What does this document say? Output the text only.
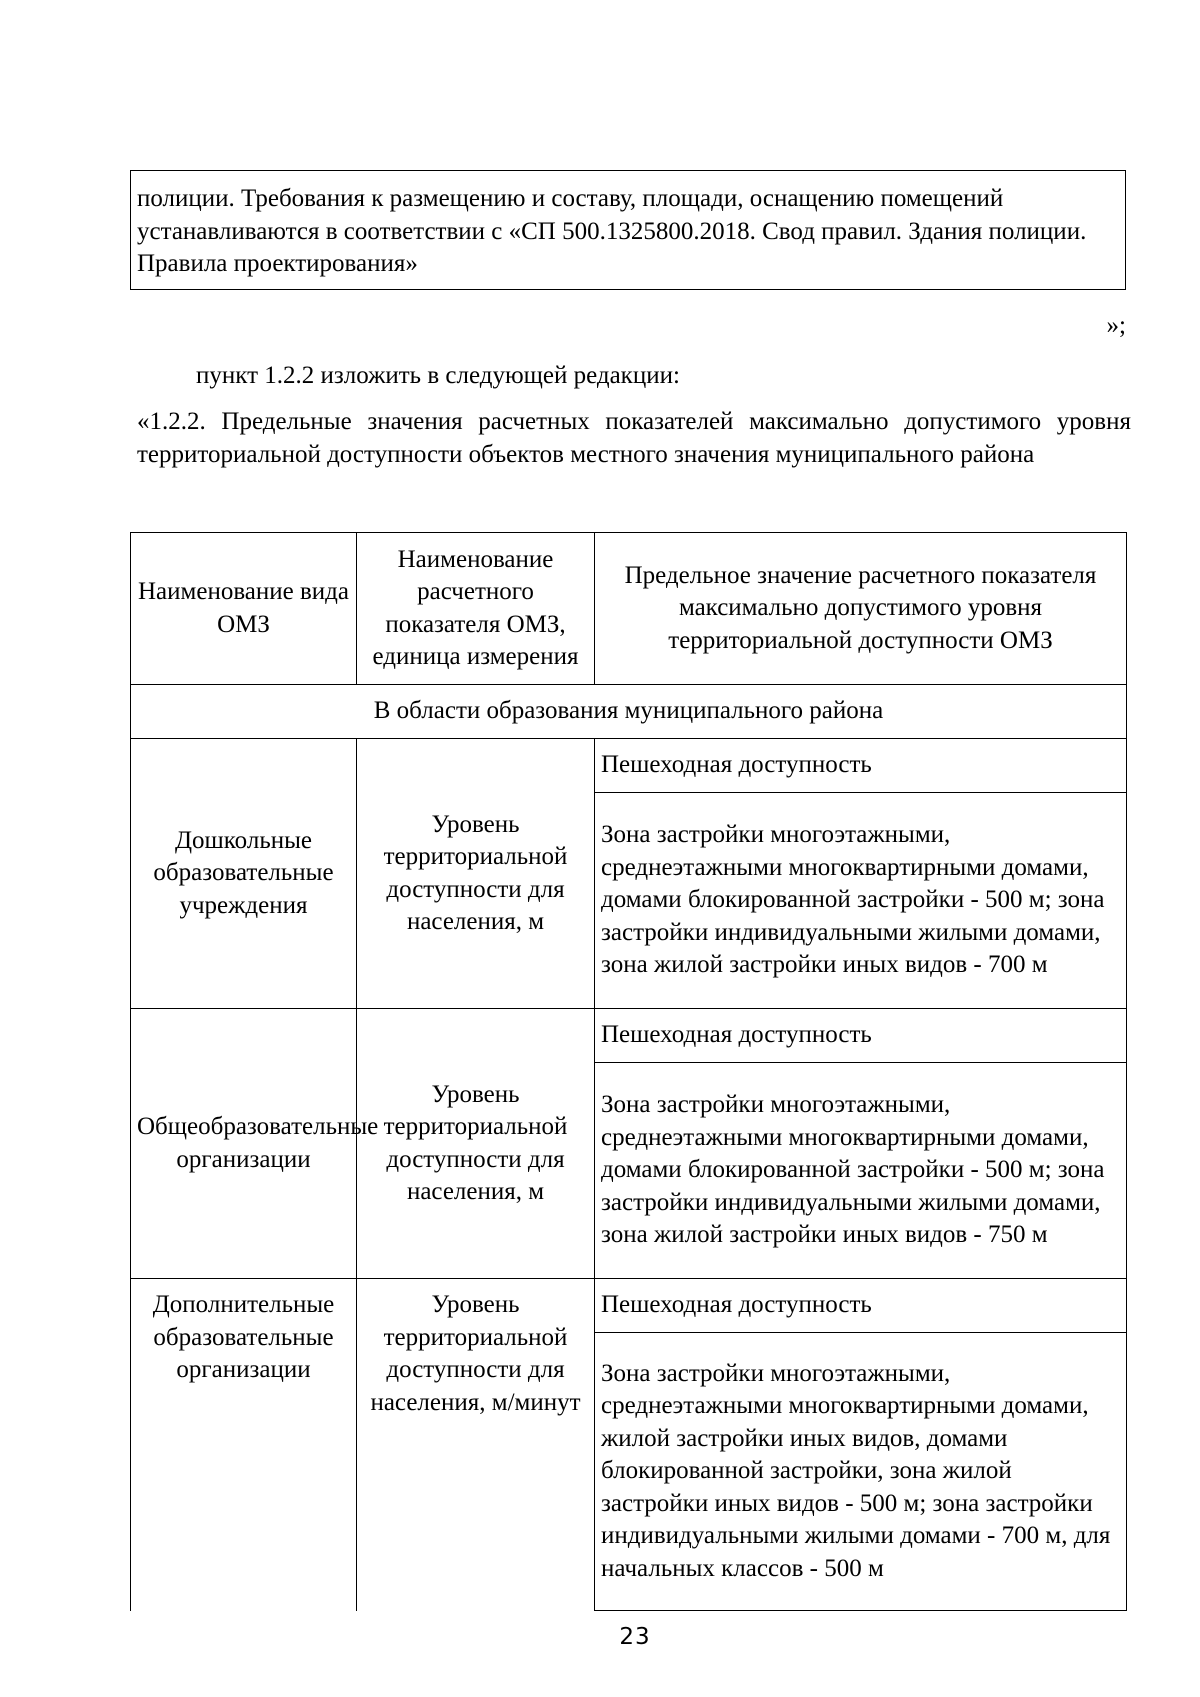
полиции. Требования к размещению и составу, площади, оснащению помещений устанавливаются в соответствии с «СП 500.1325800.2018. Свод правил. Здания полиции. Правила проектирования»
»;
пункт 1.2.2 изложить в следующей редакции:
«1.2.2. Предельные значения расчетных показателей максимально допустимого уровня территориальной доступности объектов местного значения муниципального района
Наименование вида ОМЗ	Наименование расчетного показателя ОМЗ, единица измерения	Предельное значение расчетного показателя максимально допустимого уровня территориальной доступности ОМЗ
В области образования муниципального района		
Дошкольные образовательные учреждения	Уровень территориальной доступности для населения, м	Пешеходная доступность
		Зона застройки многоэтажными, среднеэтажными многоквартирными домами, домами блокированной застройки - 500 м; зона застройки индивидуальными жилыми домами, зона жилой застройки иных видов - 700 м
Общеобразовательные организации	Уровень территориальной доступности для населения, м	Пешеходная доступность
		Зона застройки многоэтажными, среднеэтажными многоквартирными домами, домами блокированной застройки - 500 м; зона застройки индивидуальными жилыми домами, зона жилой застройки иных видов - 750 м
Дополнительные образовательные организации	Уровень территориальной доступности для населения, м/минут	Пешеходная доступность
		Зона застройки многоэтажными, среднеэтажными многоквартирными домами, жилой застройки иных видов, домами блокированной застройки, зона жилой застройки иных видов - 500 м; зона застройки индивидуальными жилыми домами - 700 м, для начальных классов - 500 м
23
